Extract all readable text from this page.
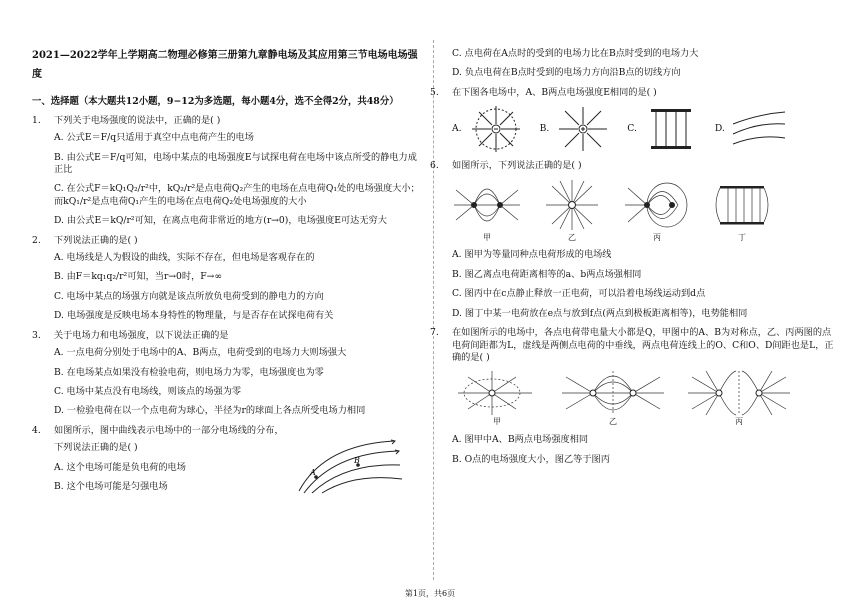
2021—2022学年上学期高二物理必修第三册第九章静电场及其应用第三节电场电场强度
一、选择题（本大题共12小题，9−12为多选题，每小题4分，选不全得2分，共48分）
1.	下列关于电场强度的说法中，正确的是( )
A. 公式E＝F/q只适用于真空中点电荷产生的电场
B. 由公式E＝F/q可知，电场中某点的电场强度E与试探电荷在电场中该点所受的静电力成正比
C. 在公式F＝kQ₁Q₂/r²中，kQ₂/r²是点电荷Q₂产生的电场在点电荷Q₁处的电场强度大小；而kQ₁/r²是点电荷Q₁产生的电场在点电荷Q₂处电场强度的大小
D. 由公式E＝kQ/r²可知，在离点电荷非常近的地方(r→0)，电场强度E可达无穷大
2.	下列说法正确的是( )
A. 电场线是人为假设的曲线，实际不存在，但电场是客观存在的
B. 由F＝kq₁q₂/r²可知，当r→0时，F→∞
C. 电场中某点的场强方向就是该点所放负电荷受到的静电力的方向
D. 电场强度是反映电场本身特性的物理量，与是否存在试探电荷有关
3.	关于电场力和电场强度，以下说法正确的是
A. 一点电荷分别处于电场中的A、B两点，电荷受到的电场力大则场强大
B. 在电场某点如果没有检验电荷，则电场力为零，电场强度也为零
C. 电场中某点没有电场线，则该点的场强为零
D. 一检验电荷在以一个点电荷为球心，半径为r的球面上各点所受电场力相同
4.	如图所示，图中曲线表示电场中的一部分电场线的分布，
下列说法正确的是( )
A. 这个电场可能是负电荷的电场
B. 这个电场可能是匀强电场
A
B
C. 点电荷在A点时的受到的电场力比在B点时受到的电场力大
D. 负点电荷在B点时受到的电场力方向沿B点的切线方向
5.	在下图各电场中，A、B两点电场强度E相同的是( )
A.	B.	C.	D.
6.	如图所示，下列说法正确的是( )
甲	乙	丙	丁
A. 图甲为等量同种点电荷形成的电场线
B. 图乙离点电荷距离相等的a、b两点场强相同
C. 图丙中在c点静止释放一正电荷，可以沿着电场线运动到d点
D. 图丁中某一电荷放在e点与放到f点(两点到极板距离相等)，电势能相同
7.	在如图所示的电场中，各点电荷带电量大小都是Q，甲图中的A、B为对称点，乙、丙两图的点电荷间距都为L，虚线是两侧点电荷的中垂线，两点电荷连线上的O、C和O、D间距也是L，正确的是( )
甲	乙	丙
A. 图甲中A、B两点电场强度相同
B. O点的电场强度大小，图乙等于图丙
第1页，共6页
